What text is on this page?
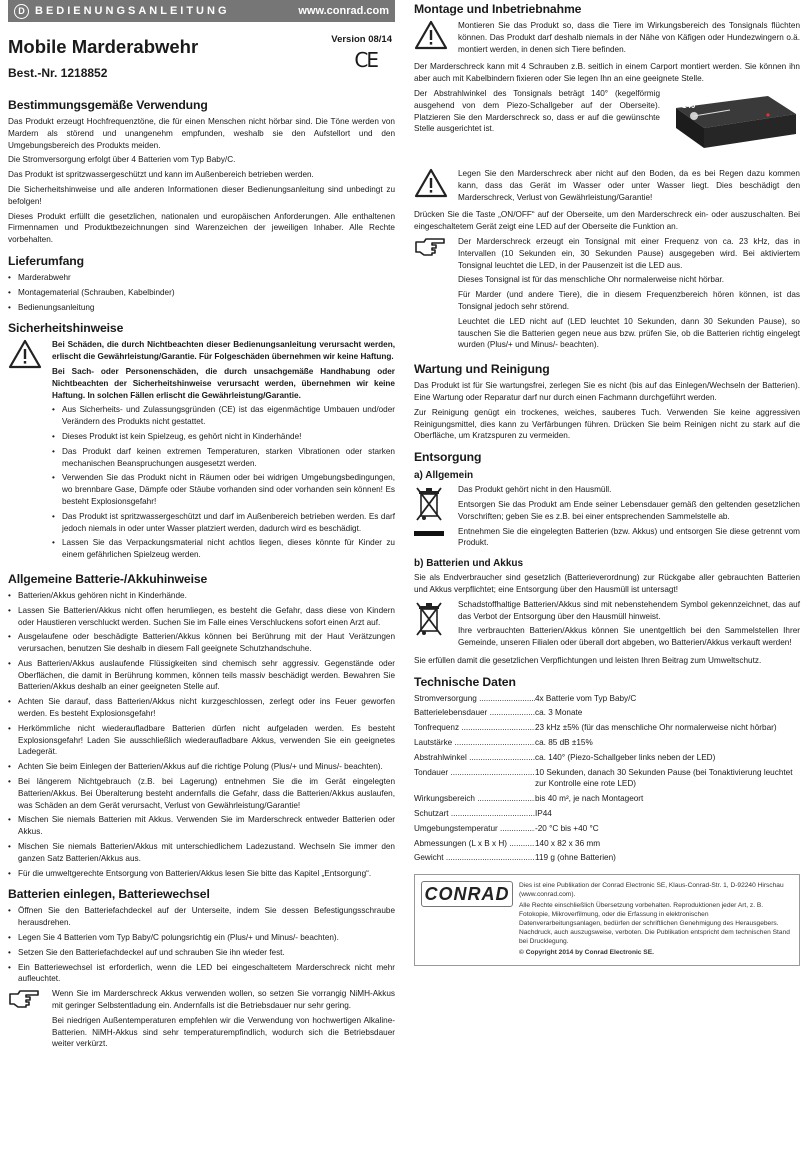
D BEDIENUNGSANLEITUNG	www.conrad.com
Mobile Marderabwehr
Best.-Nr. 1218852
Version 08/14
CE
Bestimmungsgemäße Verwendung
Das Produkt erzeugt Hochfrequenztöne, die für einen Menschen nicht hörbar sind. Die Töne werden von Mardern als störend und unangenehm empfunden, weshalb sie den Aufstellort und den Umgebungsbereich des Produkts meiden.
Die Stromversorgung erfolgt über 4 Batterien vom Typ Baby/C.
Das Produkt ist spritzwassergeschützt und kann im Außenbereich betrieben werden.
Die Sicherheitshinweise und alle anderen Informationen dieser Bedienungsanleitung sind unbedingt zu befolgen!
Dieses Produkt erfüllt die gesetzlichen, nationalen und europäischen Anforderungen. Alle enthaltenen Firmennamen und Produktbezeichnungen sind Warenzeichen der jeweiligen Inhaber. Alle Rechte vorbehalten.
Lieferumfang
• Marderabwehr
• Montagematerial (Schrauben, Kabelbinder)
• Bedienungsanleitung
Sicherheitshinweise
Bei Schäden, die durch Nichtbeachten dieser Bedienungsanleitung verursacht werden, erlischt die Gewährleistung/Garantie. Für Folgeschäden übernehmen wir keine Haftung.
Bei Sach- oder Personenschäden, die durch unsachgemäße Handhabung oder Nichtbeachten der Sicherheitshinweise verursacht werden, übernehmen wir keine Haftung. In solchen Fällen erlischt die Gewährleistung/Garantie.
• Aus Sicherheits- und Zulassungsgründen (CE) ist das eigenmächtige Umbauen und/oder Verändern des Produkts nicht gestattet.
• Dieses Produkt ist kein Spielzeug, es gehört nicht in Kinderhände!
• Das Produkt darf keinen extremen Temperaturen, starken Vibrationen oder starken mechanischen Beanspruchungen ausgesetzt werden.
• Verwenden Sie das Produkt nicht in Räumen oder bei widrigen Umgebungsbedingungen, wo brennbare Gase, Dämpfe oder Stäube vorhanden sind oder vorhanden sein können! Es besteht Explosionsgefahr!
• Das Produkt ist spritzwassergeschützt und darf im Außenbereich betrieben werden. Es darf jedoch niemals in oder unter Wasser platziert werden, dadurch wird es beschädigt.
• Lassen Sie das Verpackungsmaterial nicht achtlos liegen, dieses könnte für Kinder zu einem gefährlichen Spielzeug werden.
Allgemeine Batterie-/Akkuhinweise
• Batterien/Akkus gehören nicht in Kinderhände.
• Lassen Sie Batterien/Akkus nicht offen herumliegen, es besteht die Gefahr, dass diese von Kindern oder Haustieren verschluckt werden. Suchen Sie im Falle eines Verschluckens sofort einen Arzt auf.
• Ausgelaufene oder beschädigte Batterien/Akkus können bei Berührung mit der Haut Verätzungen verursachen, benutzen Sie deshalb in diesem Fall geeignete Schutzhandschuhe.
• Aus Batterien/Akkus auslaufende Flüssigkeiten sind chemisch sehr aggressiv. Gegenstände oder Oberflächen, die damit in Berührung kommen, können teils massiv beschädigt werden. Bewahren Sie Batterien/Akkus deshalb an einer geeigneten Stelle auf.
• Achten Sie darauf, dass Batterien/Akkus nicht kurzgeschlossen, zerlegt oder ins Feuer geworfen werden. Es besteht Explosionsgefahr!
• Herkömmliche nicht wiederaufladbare Batterien dürfen nicht aufgeladen werden. Es besteht Explosionsgefahr! Laden Sie ausschließlich wiederaufladbare Akkus, verwenden Sie ein geeignetes Ladegerät.
• Achten Sie beim Einlegen der Batterien/Akkus auf die richtige Polung (Plus/+ und Minus/- beachten).
• Bei längerem Nichtgebrauch (z.B. bei Lagerung) entnehmen Sie die im Gerät eingelegten Batterien/Akkus. Bei Überalterung besteht andernfalls die Gefahr, dass die Batterien/Akkus auslaufen, was Schäden an dem Gerät verursacht, Verlust von Gewährleistung/Garantie!
• Mischen Sie niemals Batterien mit Akkus. Verwenden Sie im Marderschreck entweder Batterien oder Akkus.
• Mischen Sie niemals Batterien/Akkus mit unterschiedlichem Ladezustand. Wechseln Sie immer den ganzen Satz Batterien/Akkus aus.
• Für die umweltgerechte Entsorgung von Batterien/Akkus lesen Sie bitte das Kapitel „Entsorgung“.
Batterien einlegen, Batteriewechsel
• Öffnen Sie den Batteriefachdeckel auf der Unterseite, indem Sie dessen Befestigungsschraube herausdrehen.
• Legen Sie 4 Batterien vom Typ Baby/C polungsrichtig ein (Plus/+ und Minus/- beachten).
• Setzen Sie den Batteriefachdeckel auf und schrauben Sie ihn wieder fest.
• Ein Batteriewechsel ist erforderlich, wenn die LED bei eingeschaltetem Marderschreck nicht mehr aufleuchtet.
Wenn Sie im Marderschreck Akkus verwenden wollen, so setzen Sie vorrangig NiMH-Akkus mit geringer Selbstentladung ein. Andernfalls ist die Betriebsdauer nur sehr gering.
Bei niedrigen Außentemperaturen empfehlen wir die Verwendung von hochwertigen Alkaline-Batterien. NiMH-Akkus sind sehr temperaturempfindlich, wodurch sich die Betriebsdauer weiter verkürzt.
Montage und Inbetriebnahme
Montieren Sie das Produkt so, dass die Tiere im Wirkungsbereich des Tonsignals flüchten können. Das Produkt darf deshalb niemals in der Nähe von Käfigen oder Hundezwingern o.ä. montiert werden, in denen sich Tiere befinden.
Der Marderschreck kann mit 4 Schrauben z.B. seitlich in einem Carport montiert werden. Sie können ihn aber auch mit Kabelbindern fixieren oder Sie legen Ihn an eine geeignete Stelle.
Der Abstrahlwinkel des Tonsignals beträgt 140° (kegelförmig ausgehend von dem Piezo-Schallgeber auf der Oberseite). Platzieren Sie den Marderschreck so, dass er auf die gewünschte Stelle ausgerichtet ist.
140°
Legen Sie den Marderschreck aber nicht auf den Boden, da es bei Regen dazu kommen kann, dass das Gerät im Wasser oder unter Wasser liegt. Dies beschädigt den Marderschreck, Verlust von Gewährleistung/Garantie!
Drücken Sie die Taste „ON/OFF“ auf der Oberseite, um den Marderschreck ein- oder auszuschalten. Bei eingeschaltetem Gerät zeigt eine LED auf der Oberseite die Funktion an.
Der Marderschreck erzeugt ein Tonsignal mit einer Frequenz von ca. 23 kHz, das in Intervallen (10 Sekunden ein, 30 Sekunden Pause) ausgegeben wird. Bei aktiviertem Tonsignal leuchtet die LED, in der Pausenzeit ist die LED aus.
Dieses Tonsignal ist für das menschliche Ohr normalerweise nicht hörbar.
Für Marder (und andere Tiere), die in diesem Frequenzbereich hören können, ist das Tonsignal jedoch sehr störend.
Leuchtet die LED nicht auf (LED leuchtet 10 Sekunden, dann 30 Sekunden Pause), so tauschen Sie die Batterien gegen neue aus bzw. prüfen Sie, ob die Batterien richtig eingelegt wurden (Plus/+ und Minus/- beachten).
Wartung und Reinigung
Das Produkt ist für Sie wartungsfrei, zerlegen Sie es nicht (bis auf das Einlegen/Wechseln der Batterien). Eine Wartung oder Reparatur darf nur durch einen Fachmann durchgeführt werden.
Zur Reinigung genügt ein trockenes, weiches, sauberes Tuch. Verwenden Sie keine aggressiven Reinigungsmittel, dies kann zu Verfärbungen führen. Drücken Sie beim Reinigen nicht zu stark auf die Oberfläche, um Kratzspuren zu vermeiden.
Entsorgung
a) Allgemein
Das Produkt gehört nicht in den Hausmüll.
Entsorgen Sie das Produkt am Ende seiner Lebensdauer gemäß den geltenden gesetzlichen Vorschriften; geben Sie es z.B. bei einer entsprechenden Sammelstelle ab.
Entnehmen Sie die eingelegten Batterien (bzw. Akkus) und entsorgen Sie diese getrennt vom Produkt.
b) Batterien und Akkus
Sie als Endverbraucher sind gesetzlich (Batterieverordnung) zur Rückgabe aller gebrauchten Batterien und Akkus verpflichtet; eine Entsorgung über den Hausmüll ist untersagt!
Schadstoffhaltige Batterien/Akkus sind mit nebenstehendem Symbol gekennzeichnet, das auf das Verbot der Entsorgung über den Hausmüll hinweist.
Ihre verbrauchten Batterien/Akkus können Sie unentgeltlich bei den Sammelstellen Ihrer Gemeinde, unseren Filialen oder überall dort abgeben, wo Batterien/Akkus verkauft werden!
Sie erfüllen damit die gesetzlichen Verpflichtungen und leisten Ihren Beitrag zum Umweltschutz.
Technische Daten
Stromversorgung .....	4x Batterie vom Typ Baby/C
Batterielebensdauer .....	ca. 3 Monate
Tonfrequenz .....	23 kHz ±5% (für das menschliche Ohr normalerweise nicht hörbar)
Lautstärke .....	ca. 85 dB ±15%
Abstrahlwinkel .....	ca. 140° (Piezo-Schallgeber links neben der LED)
Tondauer .....	10 Sekunden, danach 30 Sekunden Pause (bei Tonaktivierung leuchtet zur Kontrolle eine rote LED)
Wirkungsbereich .....	bis 40 m², je nach Montageort
Schutzart .....	IP44
Umgebungstemperatur .....	-20 °C bis +40 °C
Abmessungen (L x B x H) .....	140 x 82 x 36 mm
Gewicht .....	119 g (ohne Batterien)
CONRAD	Dies ist eine Publikation der Conrad Electronic SE, Klaus-Conrad-Str. 1, D-92240 Hirschau (www.conrad.com).
Alle Rechte einschließlich Übersetzung vorbehalten. Reproduktionen jeder Art, z. B. Fotokopie, Mikroverfilmung, oder die Erfassung in elektronischen Datenverarbeitungsanlagen, bedürfen der schriftlichen Genehmigung des Herausgebers. Nachdruck, auch auszugsweise, verboten. Die Publikation entspricht dem technischen Stand bei Drucklegung.
© Copyright 2014 by Conrad Electronic SE.
